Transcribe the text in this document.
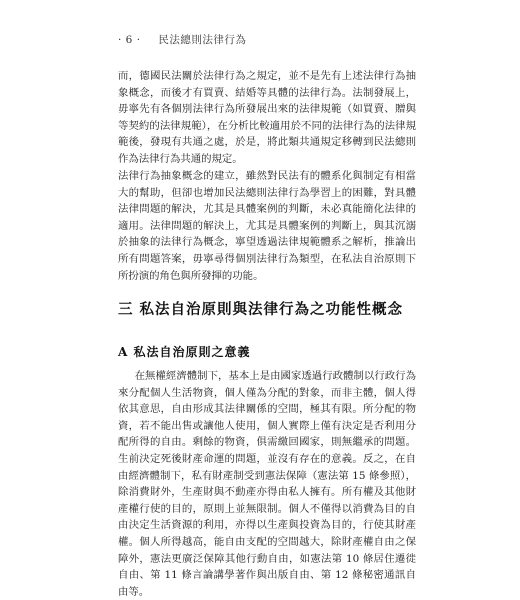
· 6 · 民法總則法律行為

而，德國民法關於法律行為之規定，並不是先有上述法律行為抽象概念，而後才有買賣、結婚等具體的法律行為。法制發展上，毋寧先有各個別法律行為所發展出來的法律規範（如買賣、贈與等契約的法律規範），在分析比較適用於不同的法律行為的法律規範後，發現有共通之處，於是，將此類共通規定移轉到民法總則作為法律行為共通的規定。

法律行為抽象概念的建立，雖然對民法有的體系化與制定有相當大的幫助，但卻也增加民法總則法律行為學習上的困難，對具體法律問題的解決，尤其是具體案例的判斷，未必真能簡化法律的適用。法律問題的解決上，尤其是具體案例的判斷上，與其沉溺於抽象的法律行為概念，寧望透過法律規範體系之解析，推論出所有問題答案，毋寧尋得個別法律行為類型，在私法自治原則下所扮演的角色與所發揮的功能。

三 私法自治原則與法律行為之功能性概念
A 私法自治原則之意義

在無權經濟體制下，基本上是由國家透過行政體制以行政行為來分配個人生活物資，個人僅為分配的對象，而非主體，個人得依其意思，自由形成其法律關係的空間，極其有限。所分配的物資，若不能出售或讓他人使用，個人實際上僅有決定是否利用分配所得的自由。剩餘的物資，俱需繳回國家，則無繼承的問題。生前決定死後財產命運的問題，並沒有存在的意義。反之，在自由經濟體制下，私有財產制受到憲法保障（憲法第 15 條參照），除消費財外，生產財與不動產亦得由私人擁有。所有權及其他財產權行使的目的，原則上並無限制。個人不僅得以消費為目的自由決定生活資源的利用，亦得以生產與投資為目的，行使其財產權。個人所得越高，能自由支配的空間越大，除財產權自由之保障外，憲法更廣泛保障其他行動自由，如憲法第 10 條居住遷徙自由、第 11 條言論講學著作與出版自由、第 12 條秘密通訊自由等。
